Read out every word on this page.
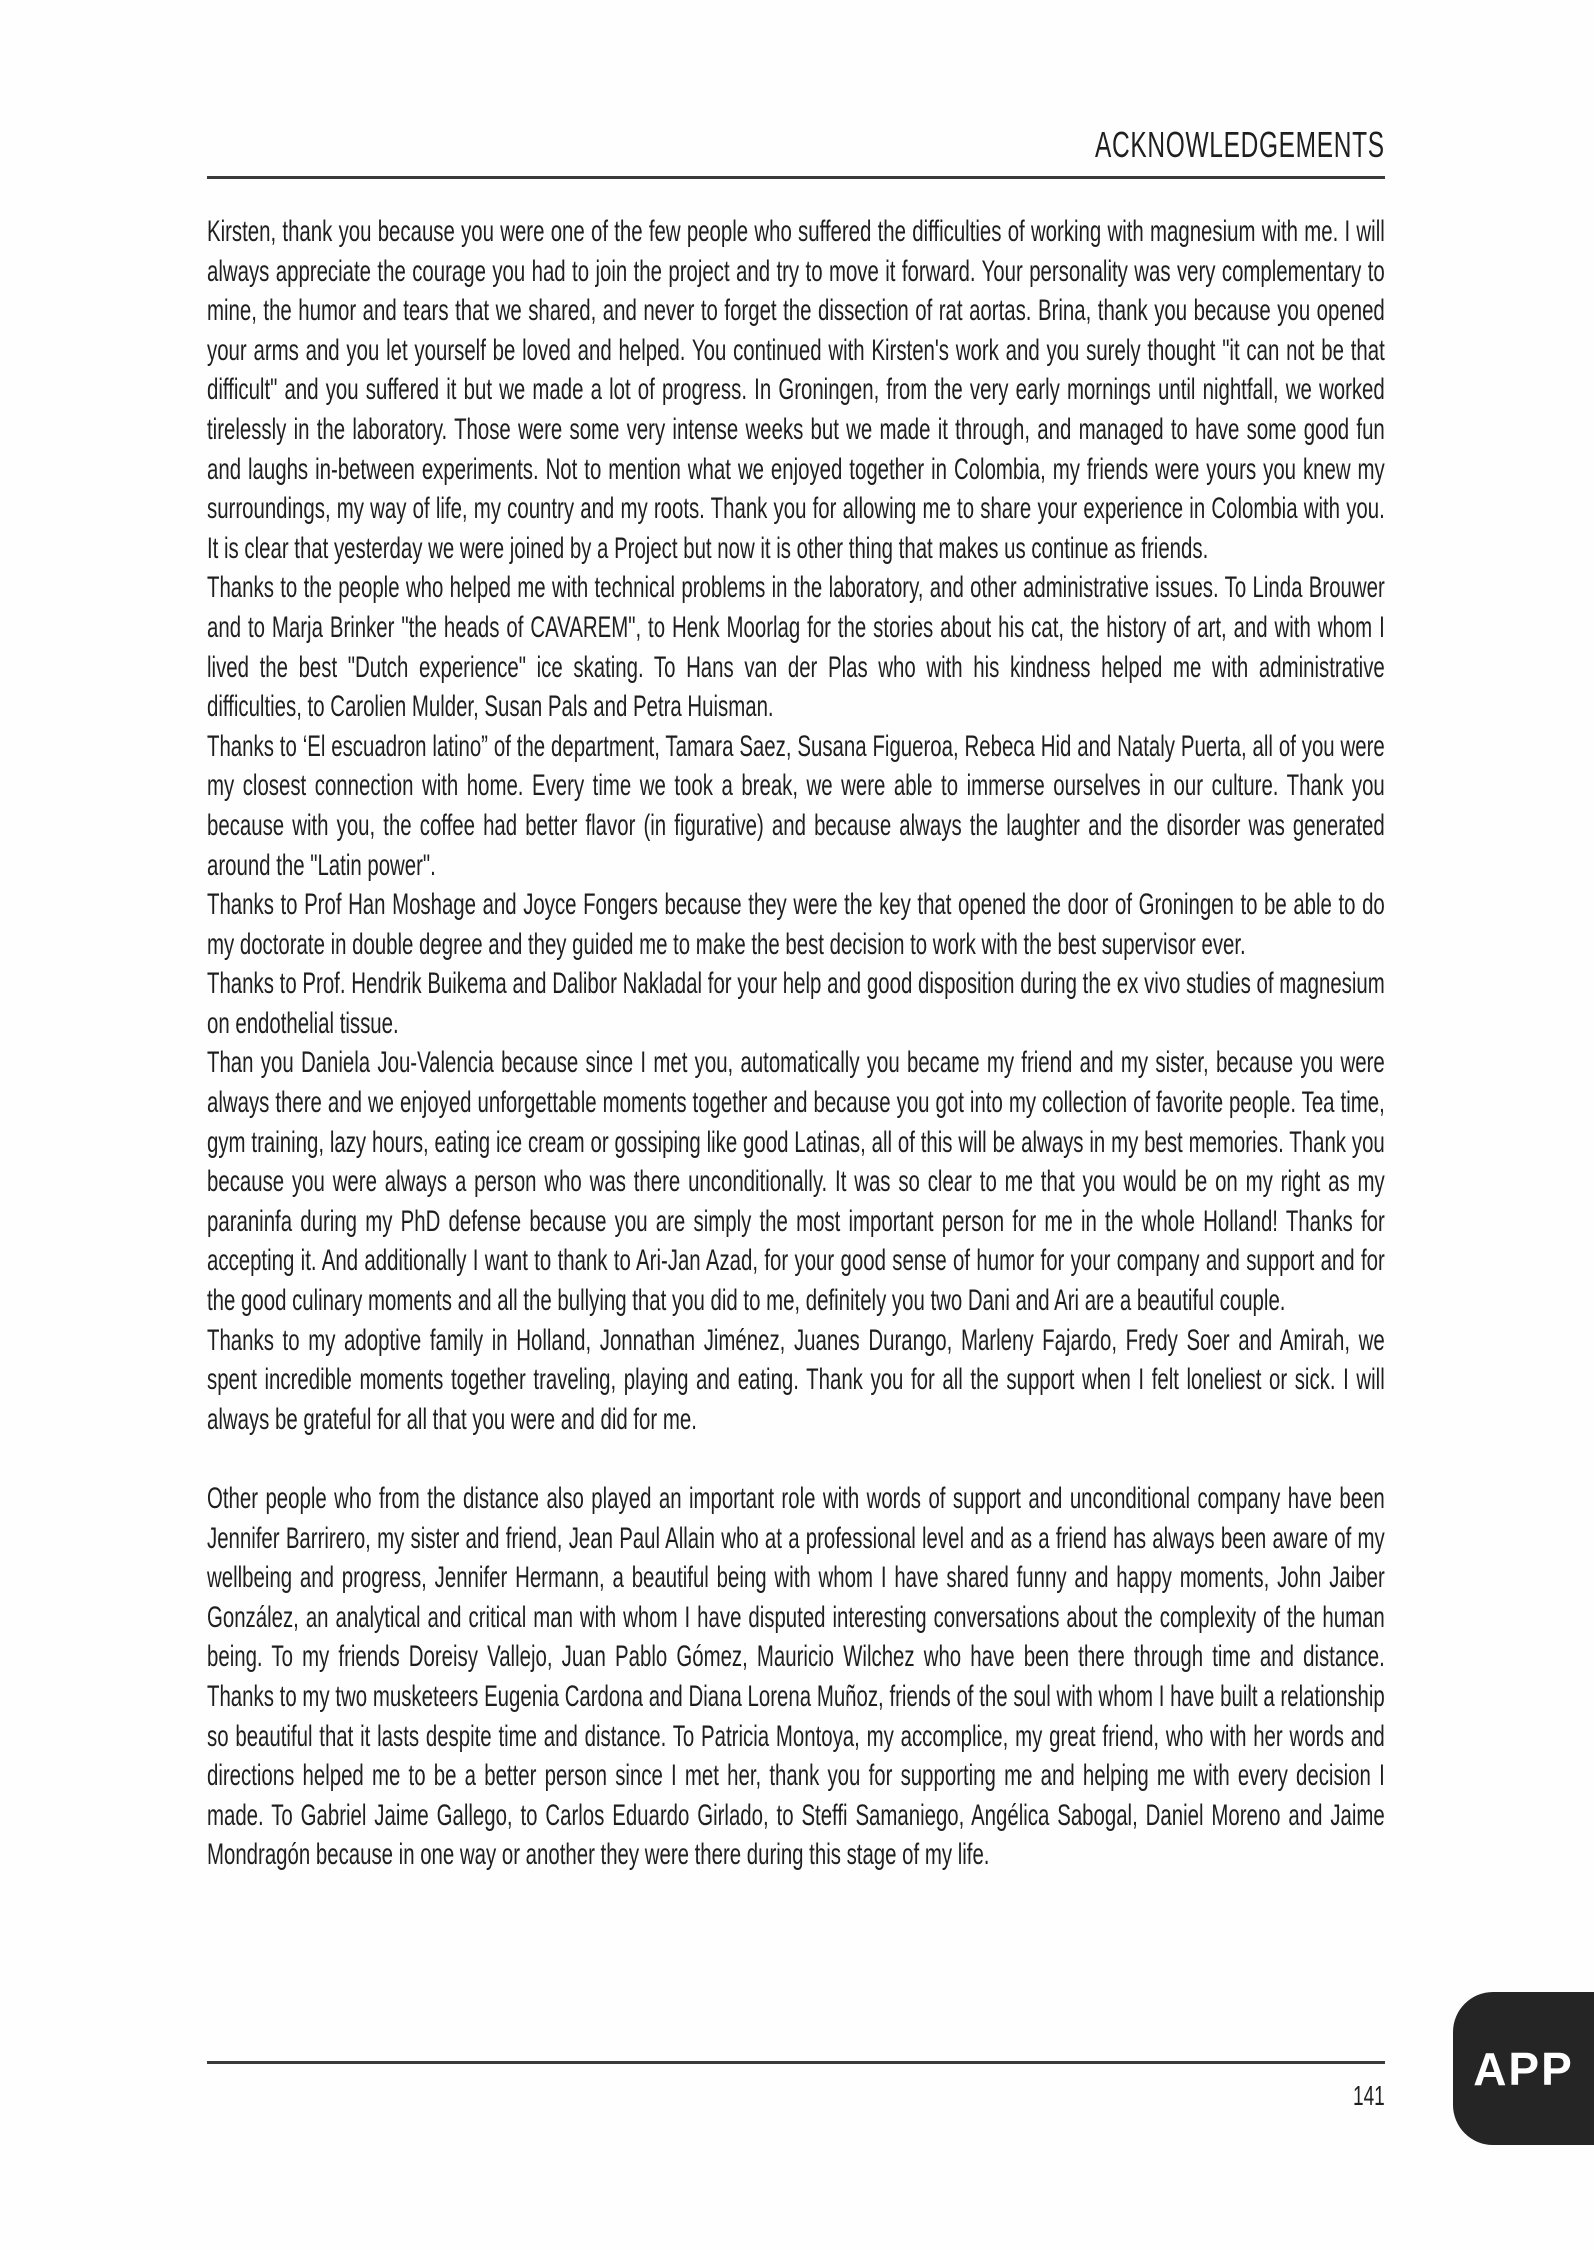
ACKNOWLEDGEMENTS

Kirsten, thank you because you were one of the few people who suffered the difficulties of working with magnesium with me. I will always appreciate the courage you had to join the project and try to move it forward. Your personality was very complementary to mine, the humor and tears that we shared, and never to forget the dissection of rat aortas. Brina, thank you because you opened your arms and you let yourself be loved and helped. You continued with Kirsten's work and you surely thought "it can not be that difficult" and you suffered it but we made a lot of progress. In Groningen, from the very early mornings until nightfall, we worked tirelessly in the laboratory. Those were some very intense weeks but we made it through, and managed to have some good fun and laughs in-between experiments. Not to mention what we enjoyed together in Colombia, my friends were yours you knew my surroundings, my way of life, my country and my roots. Thank you for allowing me to share your experience in Colombia with you. It is clear that yesterday we were joined by a Project but now it is other thing that makes us continue as friends.

Thanks to the people who helped me with technical problems in the laboratory, and other administrative issues. To Linda Brouwer and to Marja Brinker "the heads of CAVAREM", to Henk Moorlag for the stories about his cat, the history of art, and with whom I lived the best "Dutch experience" ice skating. To Hans van der Plas who with his kindness helped me with administrative difficulties, to Carolien Mulder, Susan Pals and Petra Huisman.

Thanks to ‘El escuadron latino” of the department, Tamara Saez, Susana Figueroa, Rebeca Hid and Nataly Puerta, all of you were my closest connection with home. Every time we took a break, we were able to immerse ourselves in our culture. Thank you because with you, the coffee had better flavor (in figurative) and because always the laughter and the disorder was generated around the "Latin power".

Thanks to Prof Han Moshage and Joyce Fongers because they were the key that opened the door of Groningen to be able to do my doctorate in double degree and they guided me to make the best decision to work with the best supervisor ever.

Thanks to Prof. Hendrik Buikema and Dalibor Nakladal for your help and good disposition during the ex vivo studies of magnesium on endothelial tissue.

Than you Daniela Jou-Valencia because since I met you, automatically you became my friend and my sister, because you were always there and we enjoyed unforgettable moments together and because you got into my collection of favorite people. Tea time, gym training, lazy hours, eating ice cream or gossiping like good Latinas, all of this will be always in my best memories. Thank you because you were always a person who was there unconditionally. It was so clear to me that you would be on my right as my paraninfa during my PhD defense because you are simply the most important person for me in the whole Holland! Thanks for accepting it. And additionally I want to thank to Ari-Jan Azad, for your good sense of humor for your company and support and for the good culinary moments and all the bullying that you did to me, definitely you two Dani and Ari are a beautiful couple.

Thanks to my adoptive family in Holland, Jonnathan Jiménez, Juanes Durango, Marleny Fajardo, Fredy Soer and Amirah, we spent incredible moments together traveling, playing and eating. Thank you for all the support when I felt loneliest or sick. I will always be grateful for all that you were and did for me.

Other people who from the distance also played an important role with words of support and unconditional company have been Jennifer Barrirero, my sister and friend, Jean Paul Allain who at a professional level and as a friend has always been aware of my wellbeing and progress, Jennifer Hermann, a beautiful being with whom I have shared funny and happy moments, John Jaiber González, an analytical and critical man with whom I have disputed interesting conversations about the complexity of the human being. To my friends Doreisy Vallejo, Juan Pablo Gómez, Mauricio Wilchez who have been there through time and distance. Thanks to my two musketeers Eugenia Cardona and Diana Lorena Muñoz, friends of the soul with whom I have built a relationship so beautiful that it lasts despite time and distance. To Patricia Montoya, my accomplice, my great friend, who with her words and directions helped me to be a better person since I met her, thank you for supporting me and helping me with every decision I made. To Gabriel Jaime Gallego, to Carlos Eduardo Girlado, to Steffi Samaniego, Angélica Sabogal, Daniel Moreno and Jaime Mondragón because in one way or another they were there during this stage of my life.

141
APP
